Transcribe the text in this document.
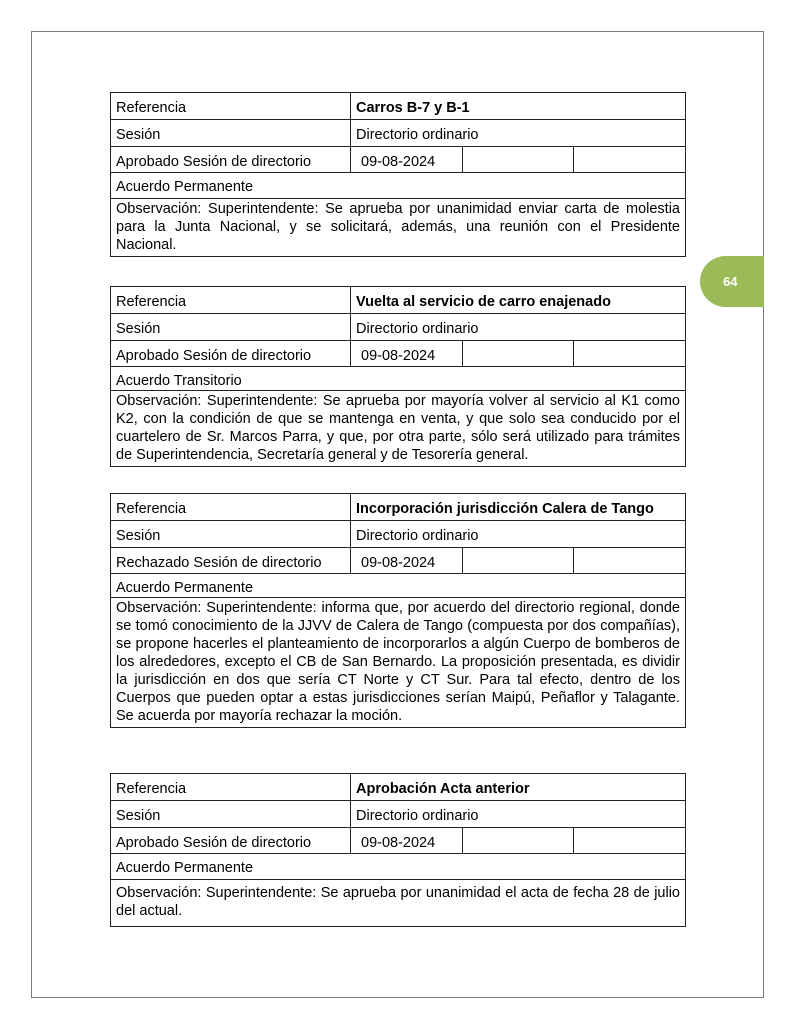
64
Referencia	Carros B-7 y B-1
Sesión	Directorio ordinario
Aprobado Sesión de directorio	09-08-2024
Acuerdo Permanente
Observación: Superintendente: Se aprueba por unanimidad enviar carta de molestia para la Junta Nacional, y se solicitará, además, una reunión con el Presidente Nacional.
Referencia	Vuelta al servicio de carro enajenado
Sesión	Directorio ordinario
Aprobado Sesión de directorio	09-08-2024
Acuerdo Transitorio
Observación: Superintendente: Se aprueba por mayoría volver al servicio al K1 como K2, con la condición de que se mantenga en venta, y que solo sea conducido por el cuartelero de Sr. Marcos Parra, y que, por otra parte, sólo será utilizado para trámites de Superintendencia, Secretaría general y de Tesorería general.
Referencia	Incorporación jurisdicción Calera de Tango
Sesión	Directorio ordinario
Rechazado Sesión de directorio	09-08-2024
Acuerdo Permanente
Observación: Superintendente: informa que, por acuerdo del directorio regional, donde se tomó conocimiento de la JJVV de Calera de Tango (compuesta por dos compañías), se propone hacerles el planteamiento de incorporarlos a algún Cuerpo de bomberos de los alrededores, excepto el CB de San Bernardo. La proposición presentada, es dividir la jurisdicción en dos que sería CT Norte y CT Sur. Para tal efecto, dentro de los Cuerpos que pueden optar a estas jurisdicciones serían Maipú, Peñaflor y Talagante. Se acuerda por mayoría rechazar la moción.
Referencia	Aprobación Acta anterior
Sesión	Directorio ordinario
Aprobado Sesión de directorio	09-08-2024
Acuerdo Permanente
Observación: Superintendente: Se aprueba por unanimidad el acta de fecha 28 de julio del actual.
